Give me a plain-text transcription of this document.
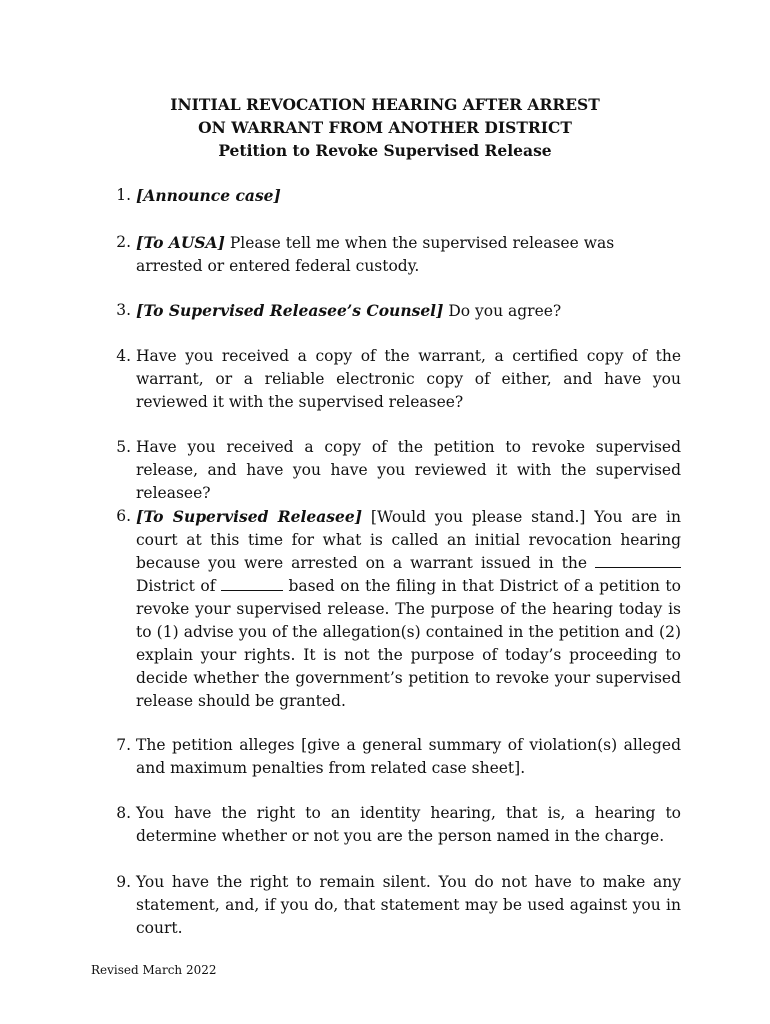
INITIAL REVOCATION HEARING AFTER ARREST
ON WARRANT FROM ANOTHER DISTRICT
Petition to Revoke Supervised Release
1. [Announce case]
2. [To AUSA] Please tell me when the supervised releasee was arrested or entered federal custody.
3. [To Supervised Releasee’s Counsel] Do you agree?
4. Have you received a copy of the warrant, a certified copy of the warrant, or a reliable electronic copy of either, and have you reviewed it with the supervised releasee?
5. Have you received a copy of the petition to revoke supervised release, and have you have you reviewed it with the supervised releasee?
6. [To Supervised Releasee] [Would you please stand.] You are in court at this time for what is called an initial revocation hearing because you were arrested on a warrant issued in the  District of	based on the filing in that District of a petition to revoke your supervised release. The purpose of the hearing today is to (1) advise you of the allegation(s) contained in the petition and (2) explain your rights. It is not the purpose of today’s proceeding to decide whether the government’s petition to revoke your supervised release should be granted.
7. The petition alleges [give a general summary of violation(s) alleged and maximum penalties from related case sheet].
8. You have the right to an identity hearing, that is, a hearing to determine whether or not you are the person named in the charge.
9. You have the right to remain silent. You do not have to make any statement, and, if you do, that statement may be used against you in court.
Revised March 2022
